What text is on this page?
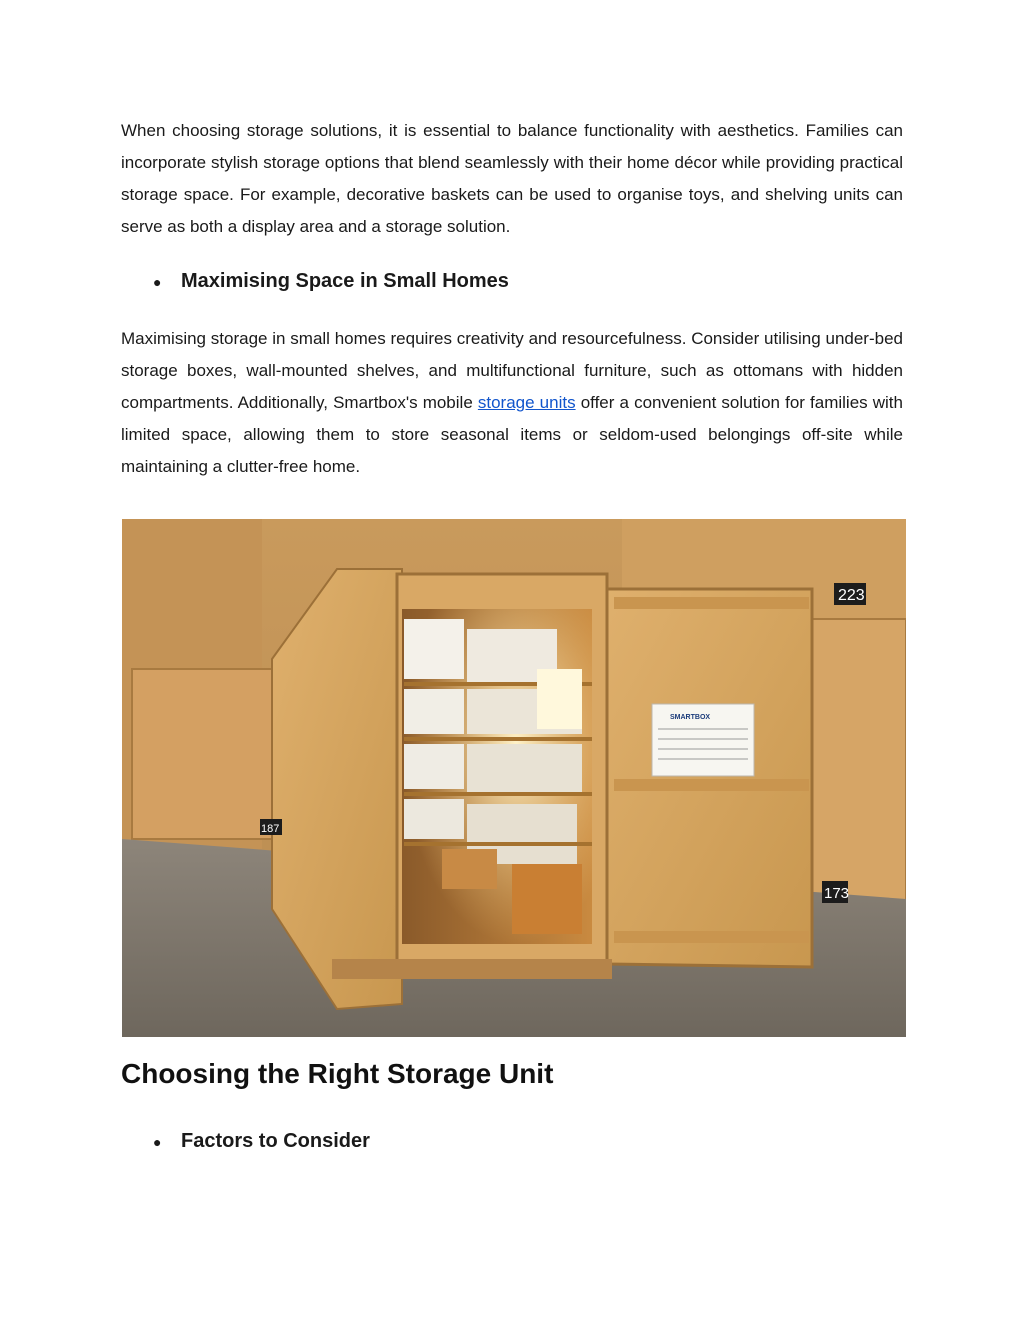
When choosing storage solutions, it is essential to balance functionality with aesthetics. Families can incorporate stylish storage options that blend seamlessly with their home décor while providing practical storage space. For example, decorative baskets can be used to organise toys, and shelving units can serve as both a display area and a storage solution.

● Maximising Space in Small Homes

Maximising storage in small homes requires creativity and resourcefulness. Consider utilising under-bed storage boxes, wall-mounted shelves, and multifunctional furniture, such as ottomans with hidden compartments. Additionally, Smartbox's mobile storage units offer a convenient solution for families with limited space, allowing them to store seasonal items or seldom-used belongings off-site while maintaining a clutter-free home.

SMARTBOX
223
187
173
Choosing the Right Storage Unit
● Factors to Consider
